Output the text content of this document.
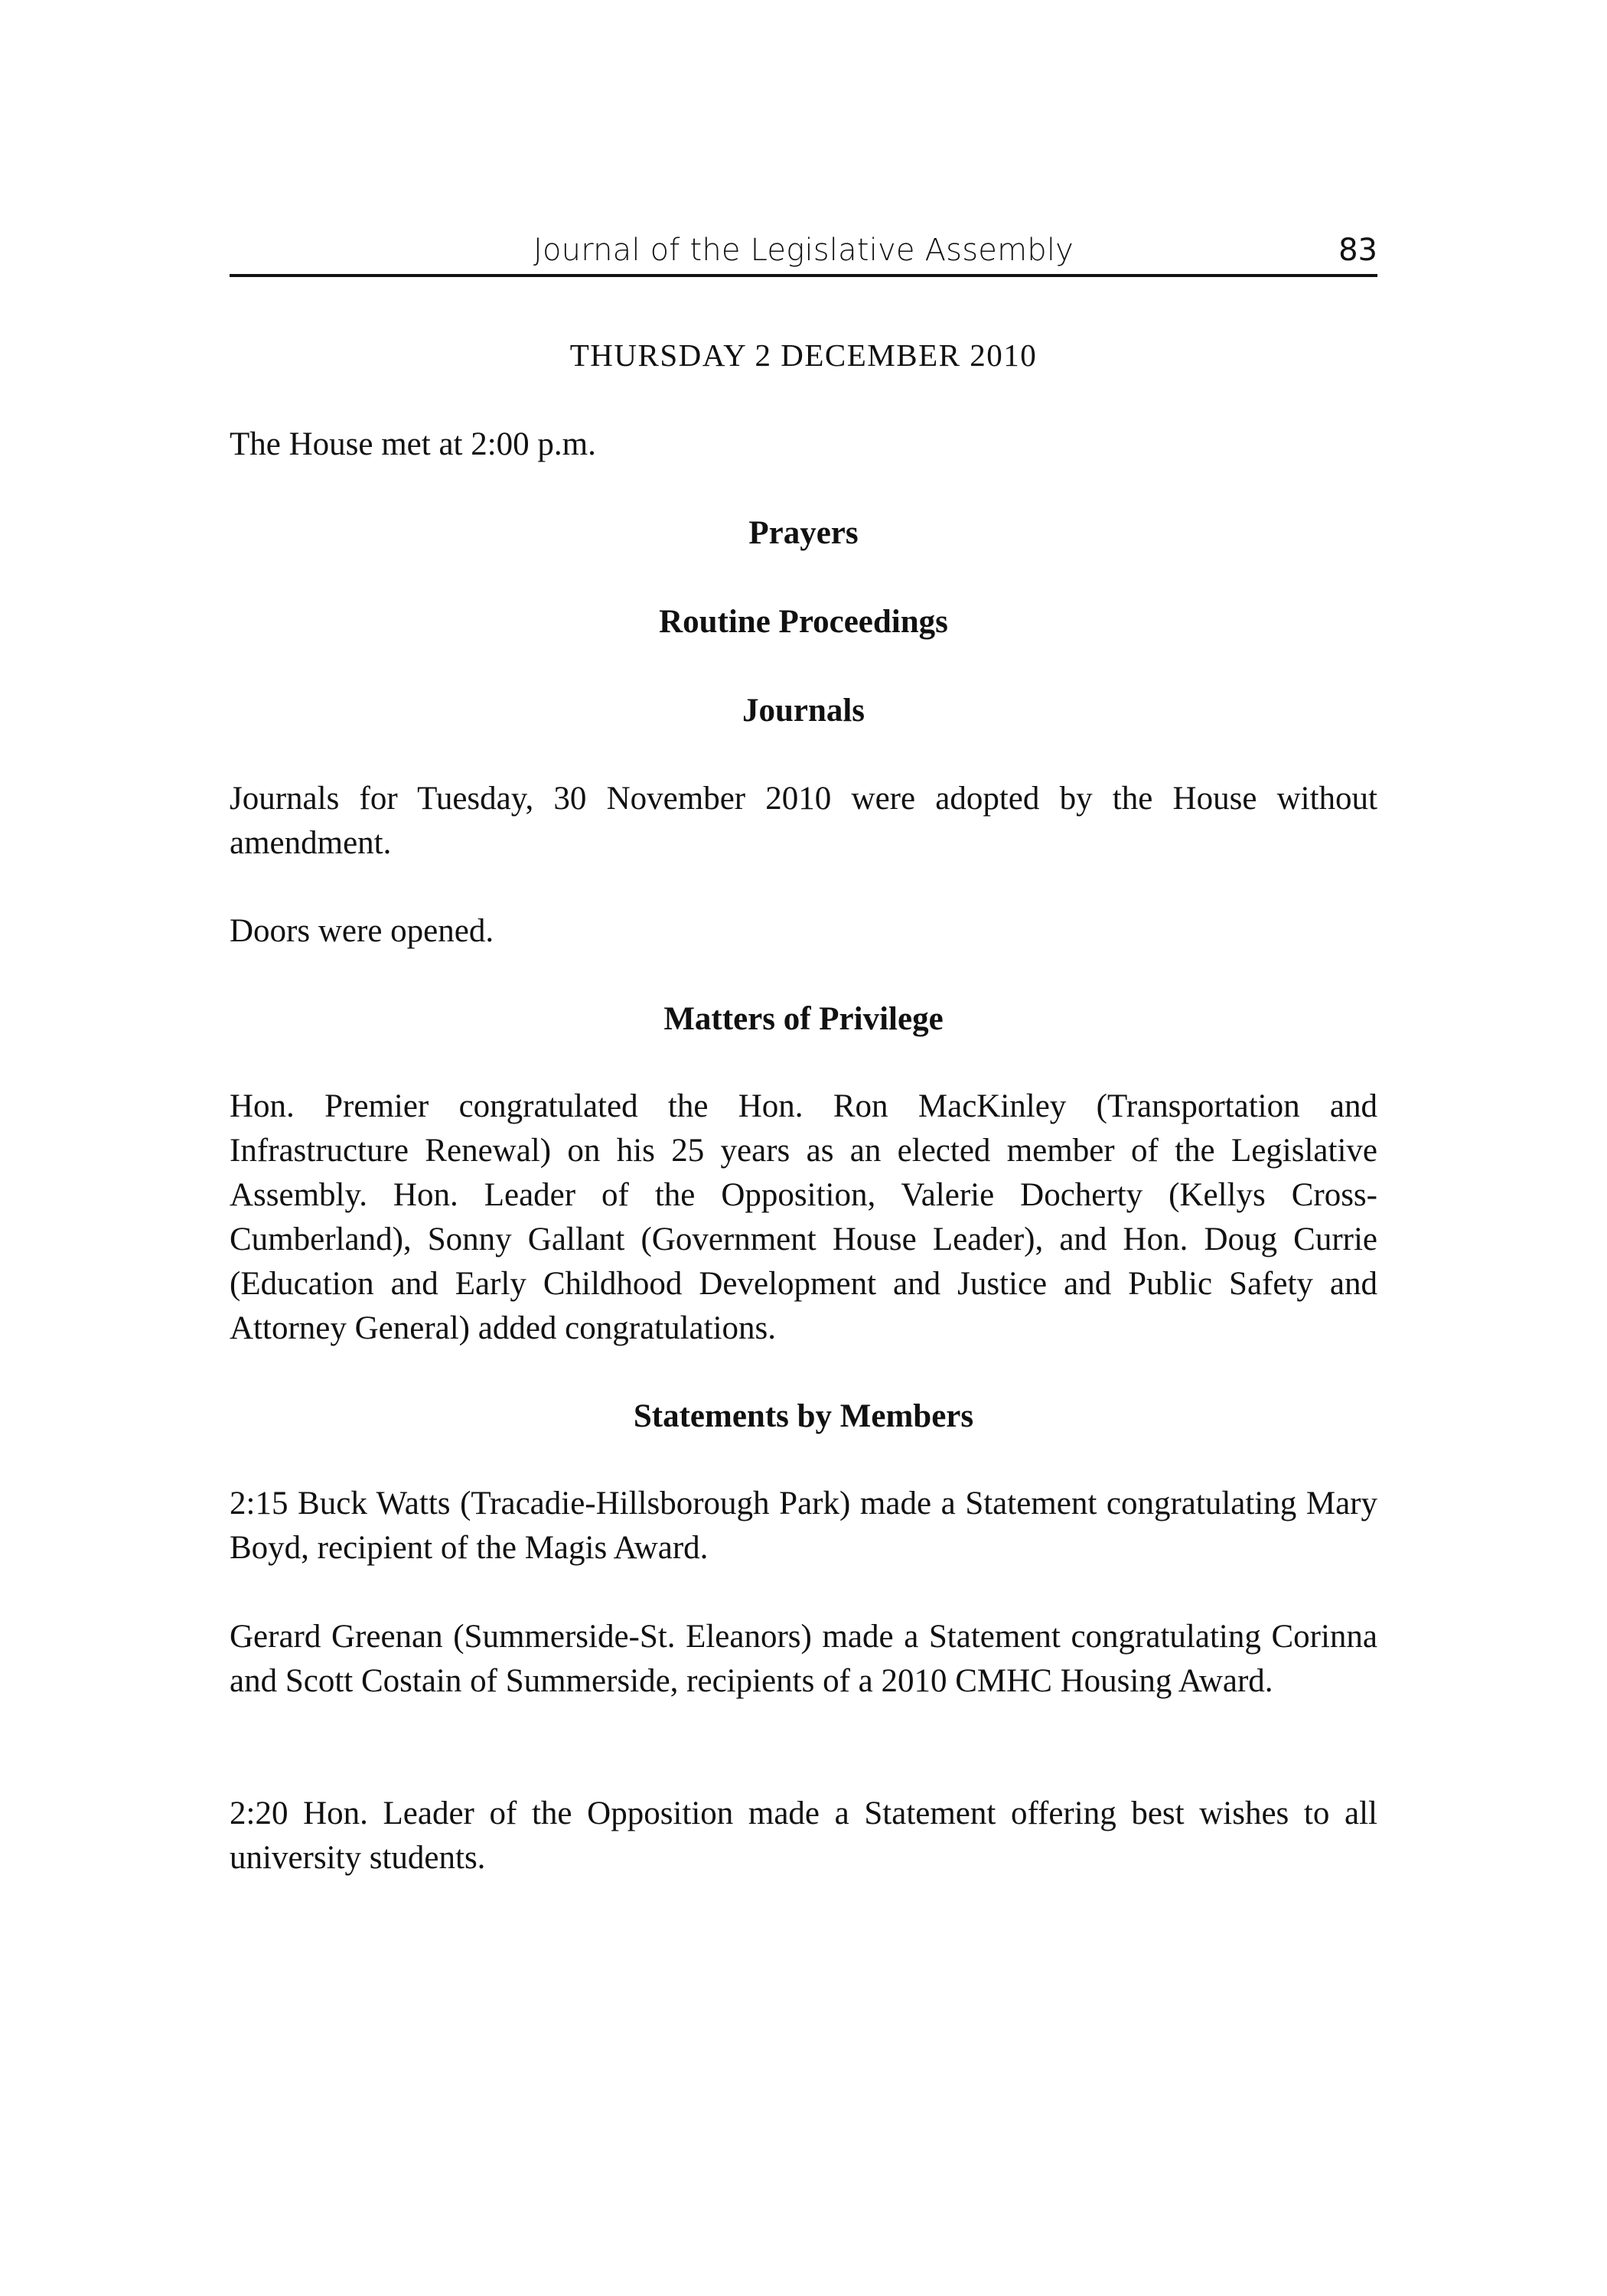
Journal of the Legislative Assembly	83
THURSDAY 2 DECEMBER 2010

The House met at 2:00 p.m.

Prayers
Routine Proceedings
Journals

Journals for Tuesday, 30 November 2010 were adopted by the House without amendment.

Doors were opened.

Matters of Privilege

Hon. Premier congratulated the Hon. Ron MacKinley (Transportation and Infrastructure Renewal) on his 25 years as an elected member of the Legislative Assembly. Hon. Leader of the Opposition, Valerie Docherty (Kellys Cross-Cumberland), Sonny Gallant (Government House Leader), and Hon. Doug Currie (Education and Early Childhood Development and Justice and Public Safety and Attorney General) added congratulations.

Statements by Members

2:15 Buck Watts (Tracadie-Hillsborough Park) made a Statement congratulating Mary Boyd, recipient of the Magis Award.

Gerard Greenan (Summerside-St. Eleanors) made a Statement congratulating Corinna and Scott Costain of Summerside, recipients of a 2010 CMHC Housing Award.

2:20 Hon. Leader of the Opposition made a Statement offering best wishes to all university students.
